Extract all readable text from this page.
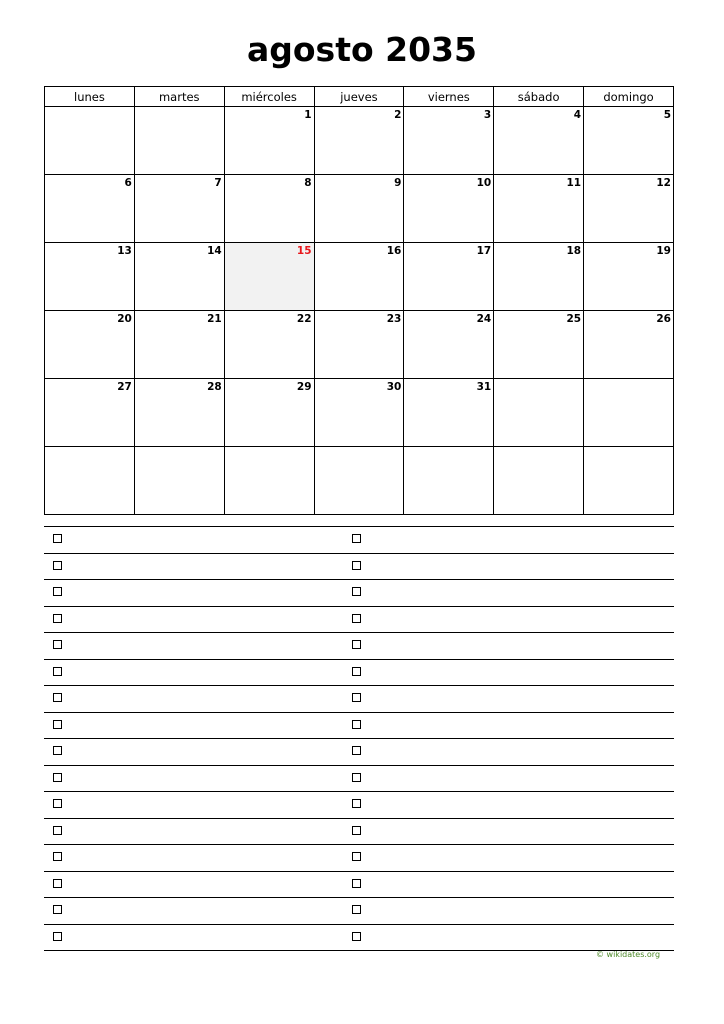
agosto 2035
lunes	martes	miércoles	jueves	viernes	sábado	domingo

		1	2	3	4	5

6	7	8	9	10	11	12

13	14	15	16	17	18	19

20	21	22	23	24	25	26

27	28	29	30	31		

© wikidates.org
